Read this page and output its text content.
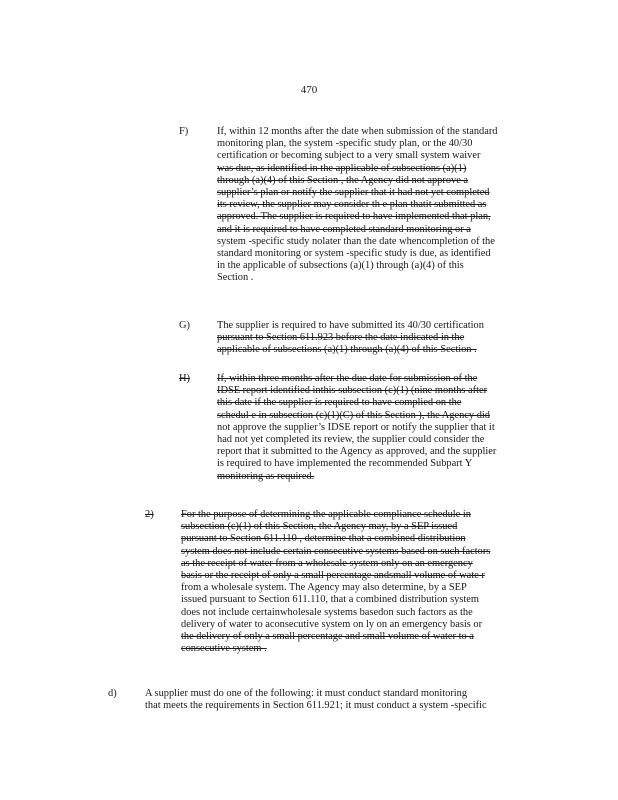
470
F)	If, within 12 months after the date when submission of the standard
monitoring plan, the system -specific study plan, or the 40/30
certification or becoming subject to a very small system waiver
was due, as identified in the applicable of subsections (a)(1)
through (a)(4) of this Section , the Agency did not approve a
supplier’s plan or notify the supplier that it had not yet completed
its review, the supplier may consider th e plan thatit submitted as
approved. The supplier is required to have implemented that plan,
and it is required to have completed standard monitoring or a
system -specific study nolater than the date whencompletion of the
standard monitoring or system -specific study is due, as identified
in the applicable of subsections (a)(1) through (a)(4) of this
Section .
G)	The supplier is required to have submitted its 40/30 certification
pursuant to Section 611.923 before the date indicated in the
applicable of subsections (a)(1) through (a)(4) of this Section .
H)	If, within three months after the due date for submission of the
IDSE report identified inthis subsection (c)(1) (nine months after
this date if the supplier is required to have complied on the
schedul e in subsection (c)(1)(C) of this Section ), the Agency did
not approve the supplier’s IDSE report or notify the supplier that it
had not yet completed its review, the supplier could consider the
report that it submitted to the Agency as approved, and the supplier
is required to have implemented the recommended Subpart Y
monitoring as required.
2)	For the purpose of determining the applicable compliance schedule in
subsection (c)(1) of this Section, the Agency may, by a SEP issued
pursuant to Section 611.110 , determine that a combined distribution
system does not include certain consecutive systems based on such factors
as the receipt of water from a wholesale system only on an emergency
basis or the receipt of only a small percentage andsmall volume of wate r
from a wholesale system. The Agency may also determine, by a SEP
issued pursuant to Section 611.110, that a combined distribution system
does not include certainwholesale systems basedon such factors as the
delivery of water to aconsecutive system on ly on an emergency basis or
the delivery of only a small percentage and small volume of water to a
consecutive system .
d)	A supplier must do one of the following: it must conduct standard monitoring
that meets the requirements in Section 611.921; it must conduct a system -specific
